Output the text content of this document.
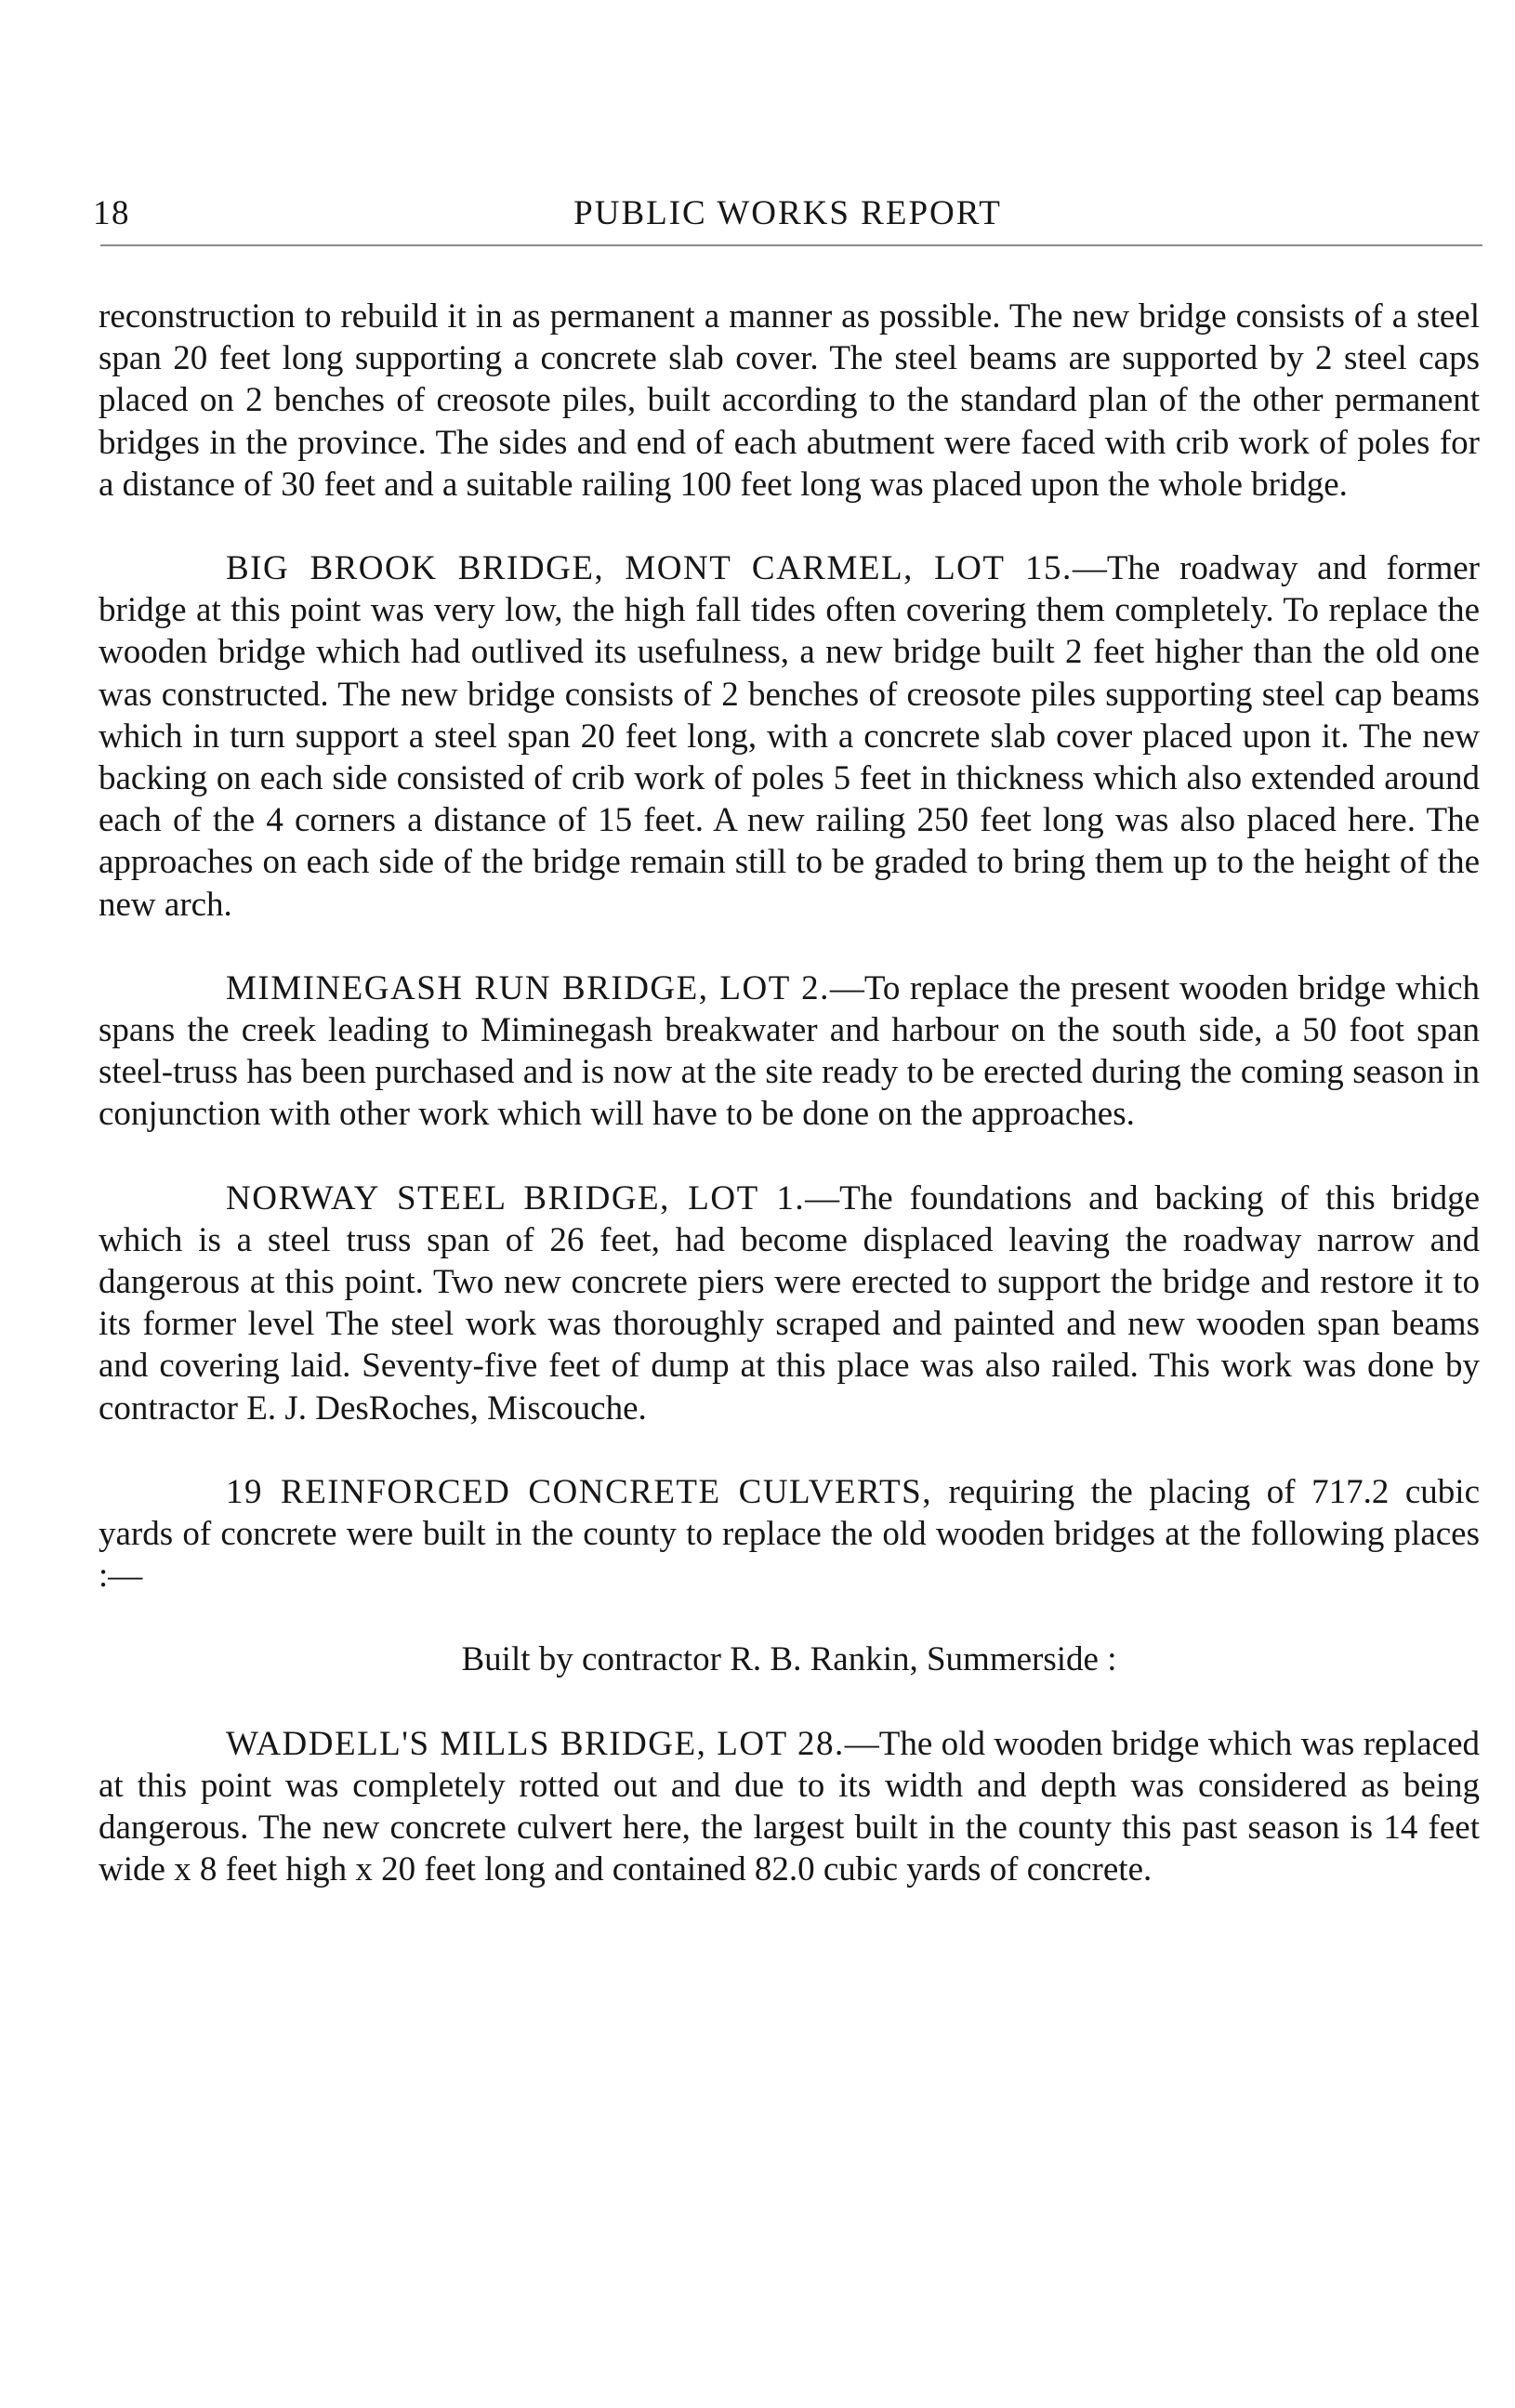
18	PUBLIC WORKS REPORT

reconstruction to rebuild it in as permanent a manner as possible. The new bridge consists of a steel span 20 feet long supporting a concrete slab cover. The steel beams are supported by 2 steel caps placed on 2 benches of creosote piles, built according to the standard plan of the other permanent bridges in the province. The sides and end of each abutment were faced with crib work of poles for a distance of 30 feet and a suitable railing 100 feet long was placed upon the whole bridge.

BIG BROOK BRIDGE, MONT CARMEL, LOT 15.—The roadway and former bridge at this point was very low, the high fall tides often covering them completely. To replace the wooden bridge which had outlived its usefulness, a new bridge built 2 feet higher than the old one was constructed. The new bridge consists of 2 benches of creosote piles supporting steel cap beams which in turn support a steel span 20 feet long, with a concrete slab cover placed upon it. The new backing on each side consisted of crib work of poles 5 feet in thickness which also extended around each of the 4 corners a distance of 15 feet. A new railing 250 feet long was also placed here. The approaches on each side of the bridge remain still to be graded to bring them up to the height of the new arch.

MIMINEGASH RUN BRIDGE, LOT 2.—To replace the present wooden bridge which spans the creek leading to Miminegash breakwater and harbour on the south side, a 50 foot span steel-truss has been purchased and is now at the site ready to be erected during the coming season in conjunction with other work which will have to be done on the approaches.

NORWAY STEEL BRIDGE, LOT 1.—The foundations and backing of this bridge which is a steel truss span of 26 feet, had become displaced leaving the roadway narrow and dangerous at this point. Two new concrete piers were erected to support the bridge and restore it to its former level The steel work was thoroughly scraped and painted and new wooden span beams and covering laid. Seventy-five feet of dump at this place was also railed. This work was done by contractor E. J. DesRoches, Miscouche.

19 REINFORCED CONCRETE CULVERTS, requiring the placing of 717.2 cubic yards of concrete were built in the county to replace the old wooden bridges at the following places :—

Built by contractor R. B. Rankin, Summerside :

WADDELL'S MILLS BRIDGE, LOT 28.—The old wooden bridge which was replaced at this point was completely rotted out and due to its width and depth was considered as being dangerous. The new concrete culvert here, the largest built in the county this past season is 14 feet wide x 8 feet high x 20 feet long and contained 82.0 cubic yards of concrete.
